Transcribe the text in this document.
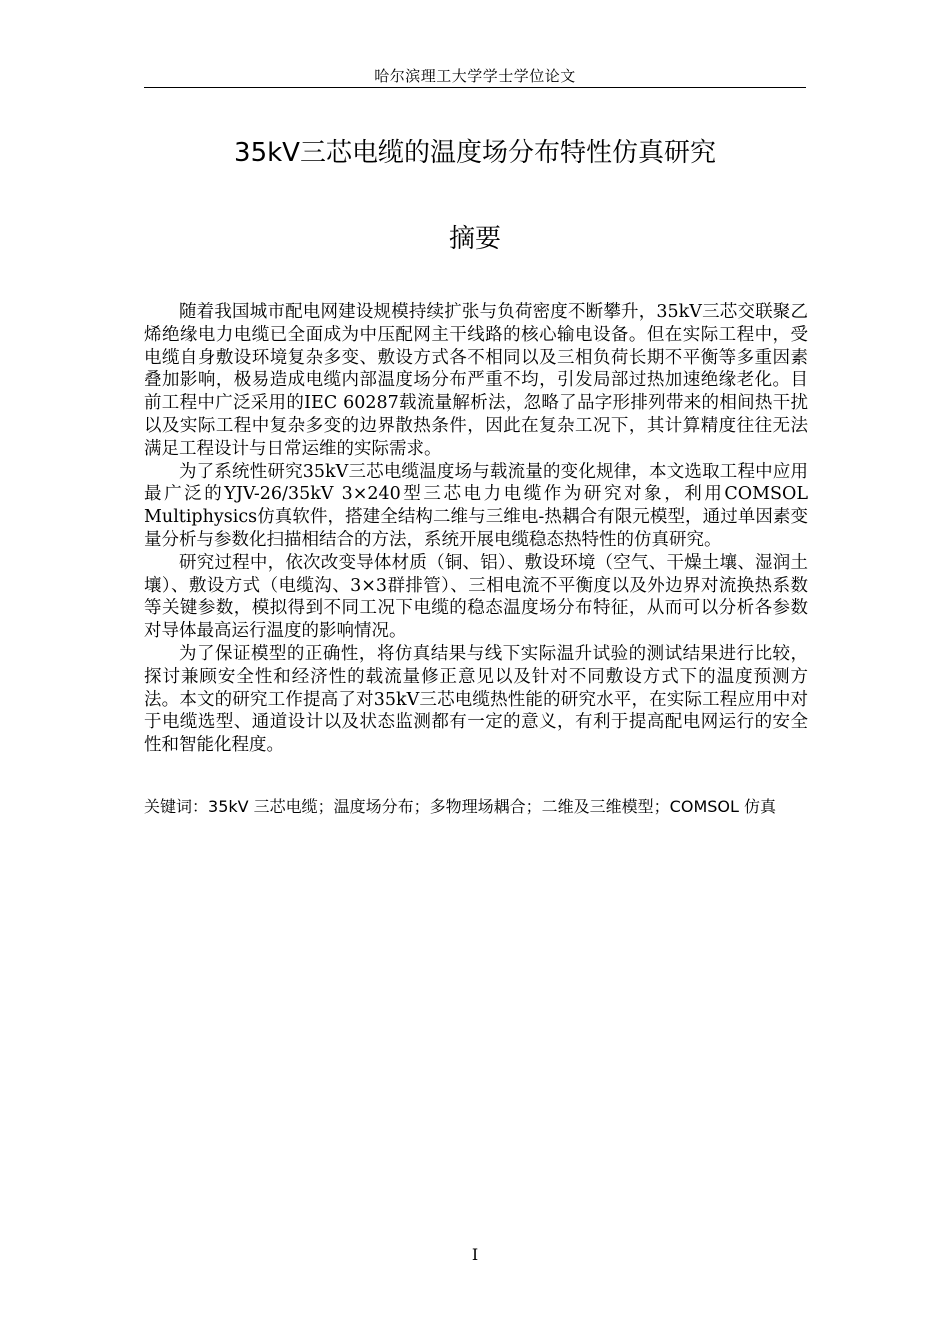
哈尔滨理工大学学士学位论文
35kV三芯电缆的温度场分布特性仿真研究
摘要

随着我国城市配电网建设规模持续扩张与负荷密度不断攀升，35kV三芯交联聚乙烯绝缘电力电缆已全面成为中压配网主干线路的核心输电设备。但在实际工程中，受电缆自身敷设环境复杂多变、敷设方式各不相同以及三相负荷长期不平衡等多重因素叠加影响，极易造成电缆内部温度场分布严重不均，引发局部过热加速绝缘老化。目前工程中广泛采用的IEC 60287载流量解析法，忽略了品字形排列带来的相间热干扰以及实际工程中复杂多变的边界散热条件，因此在复杂工况下，其计算精度往往无法满足工程设计与日常运维的实际需求。

为了系统性研究35kV三芯电缆温度场与载流量的变化规律，本文选取工程中应用最广泛的YJV-26/35kV 3×240型三芯电力电缆作为研究对象，利用COMSOL Multiphysics仿真软件，搭建全结构二维与三维电-热耦合有限元模型，通过单因素变量分析与参数化扫描相结合的方法，系统开展电缆稳态热特性的仿真研究。

研究过程中，依次改变导体材质（铜、铝）、敷设环境（空气、干燥土壤、湿润土壤）、敷设方式（电缆沟、3×3群排管）、三相电流不平衡度以及外边界对流换热系数等关键参数，模拟得到不同工况下电缆的稳态温度场分布特征，从而可以分析各参数对导体最高运行温度的影响情况。

为了保证模型的正确性，将仿真结果与线下实际温升试验的测试结果进行比较，探讨兼顾安全性和经济性的载流量修正意见以及针对不同敷设方式下的温度预测方法。本文的研究工作提高了对35kV三芯电缆热性能的研究水平，在实际工程应用中对于电缆选型、通道设计以及状态监测都有一定的意义，有利于提高配电网运行的安全性和智能化程度。

关键词：35kV 三芯电缆；温度场分布；多物理场耦合；二维及三维模型；COMSOL 仿真
I
